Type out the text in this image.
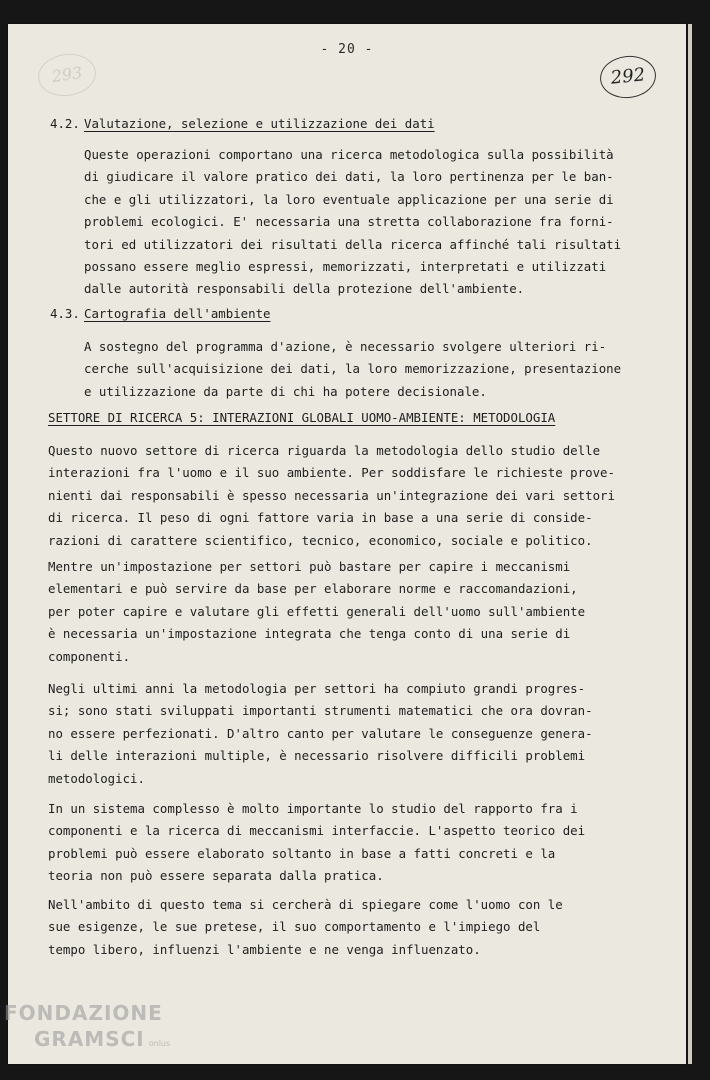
- 20 -
293	292
4.2. Valutazione, selezione e utilizzazione dei dati
Queste operazioni comportano una ricerca metodologica sulla possibilità
di giudicare il valore pratico dei dati, la loro pertinenza per le ban-
che e gli utilizzatori, la loro eventuale applicazione per una serie di
problemi ecologici. E' necessaria una stretta collaborazione fra forni-
tori ed utilizzatori dei risultati della ricerca affinché tali risultati
possano essere meglio espressi, memorizzati, interpretati e utilizzati
dalle autorità responsabili della protezione dell'ambiente.
4.3. Cartografia dell'ambiente
A sostegno del programma d'azione, è necessario svolgere ulteriori ri-
cerche sull'acquisizione dei dati, la loro memorizzazione, presentazione
e utilizzazione da parte di chi ha potere decisionale.
SETTORE DI RICERCA 5: INTERAZIONI GLOBALI UOMO-AMBIENTE: METODOLOGIA
Questo nuovo settore di ricerca riguarda la metodologia dello studio delle
interazioni fra l'uomo e il suo ambiente. Per soddisfare le richieste prove-
nienti dai responsabili è spesso necessaria un'integrazione dei vari settori
di ricerca. Il peso di ogni fattore varia in base a una serie di conside-
razioni di carattere scientifico, tecnico, economico, sociale e politico.
Mentre un'impostazione per settori può bastare per capire i meccanismi
elementari e può servire da base per elaborare norme e raccomandazioni,
per poter capire e valutare gli effetti generali dell'uomo sull'ambiente
è necessaria un'impostazione integrata che tenga conto di una serie di
componenti.
Negli ultimi anni la metodologia per settori ha compiuto grandi progres-
si; sono stati sviluppati importanti strumenti matematici che ora dovran-
no essere perfezionati. D'altro canto per valutare le conseguenze genera-
li delle interazioni multiple, è necessario risolvere difficili problemi
metodologici.
In un sistema complesso è molto importante lo studio del rapporto fra i
componenti e la ricerca di meccanismi interfaccie. L'aspetto teorico dei
problemi può essere elaborato soltanto in base a fatti concreti e la
teoria non può essere separata dalla pratica.
Nell'ambito di questo tema si cercherà di spiegare come l'uomo con le
sue esigenze, le sue pretese, il suo comportamento e l'impiego del
tempo libero, influenzi l'ambiente e ne venga influenzato.
FONDAZIONE
GRAMSCI onlus
